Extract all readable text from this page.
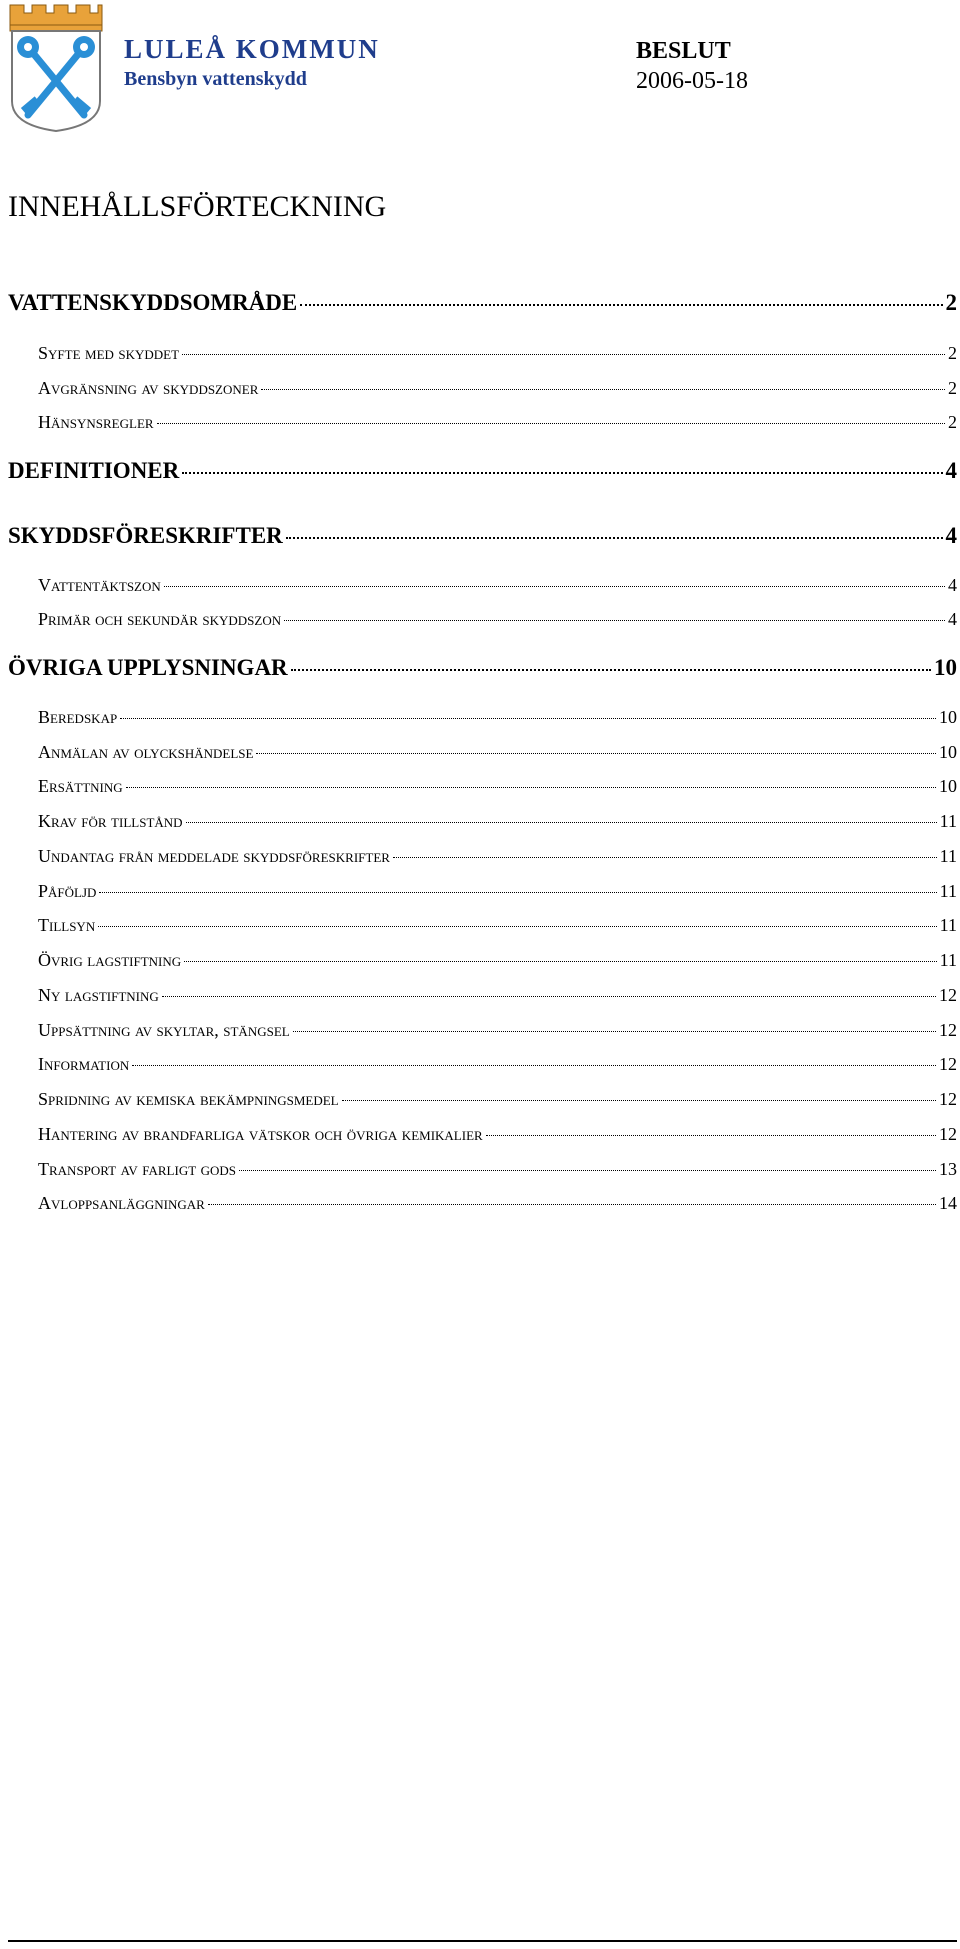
LULEÅ KOMMUN
Bensbyn vattenskydd
BESLUT
2006-05-18
INNEHÅLLSFÖRTECKNING
VATTENSKYDDSOMRÅDE	2
Syfte med skyddet	2
Avgränsning av skyddszoner	2
Hänsynsregler	2
DEFINITIONER	4
SKYDDSFÖRESKRIFTER	4
Vattentäktszon	4
Primär och sekundär skyddszon	4
ÖVRIGA UPPLYSNINGAR	10
Beredskap	10
Anmälan av olyckshändelse	10
Ersättning	10
Krav för tillstånd	11
Undantag från meddelade skyddsföreskrifter	11
Påföljd	11
Tillsyn	11
Övrig lagstiftning	11
Ny lagstiftning	12
Uppsättning av skyltar, stängsel	12
Information	12
Spridning av kemiska bekämpningsmedel	12
Hantering av brandfarliga vätskor och övriga kemikalier	12
Transport av farligt gods	13
Avloppsanläggningar	14
